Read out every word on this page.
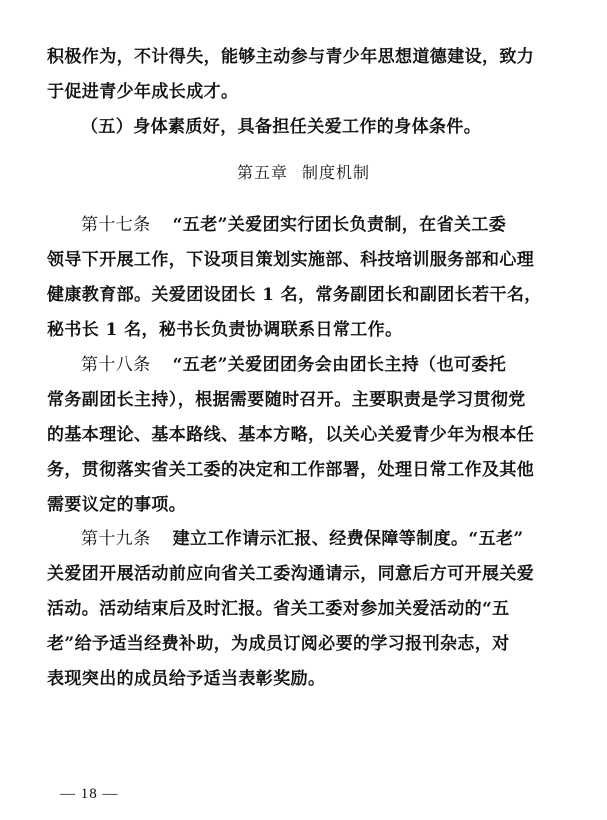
积极作为，不计得失，能够主动参与青少年思想道德建设，致力
于促进青少年成长成才。
（五）身体素质好，具备担任关爱工作的身体条件。
第五章 制度机制
第十七条 “五老”关爱团实行团长负责制，在省关工委
领导下开展工作，下设项目策划实施部、科技培训服务部和心理
健康教育部。关爱团设团长 1 名，常务副团长和副团长若干名，
秘书长 1 名，秘书长负责协调联系日常工作。
第十八条 “五老”关爱团团务会由团长主持（也可委托
常务副团长主持），根据需要随时召开。主要职责是学习贯彻党
的基本理论、基本路线、基本方略，以关心关爱青少年为根本任
务，贯彻落实省关工委的决定和工作部署，处理日常工作及其他
需要议定的事项。
第十九条 建立工作请示汇报、经费保障等制度。“五老”
关爱团开展活动前应向省关工委沟通请示，同意后方可开展关爱
活动。活动结束后及时汇报。省关工委对参加关爱活动的“五
老”给予适当经费补助，为成员订阅必要的学习报刊杂志，对
表现突出的成员给予适当表彰奖励。
— 18 —
